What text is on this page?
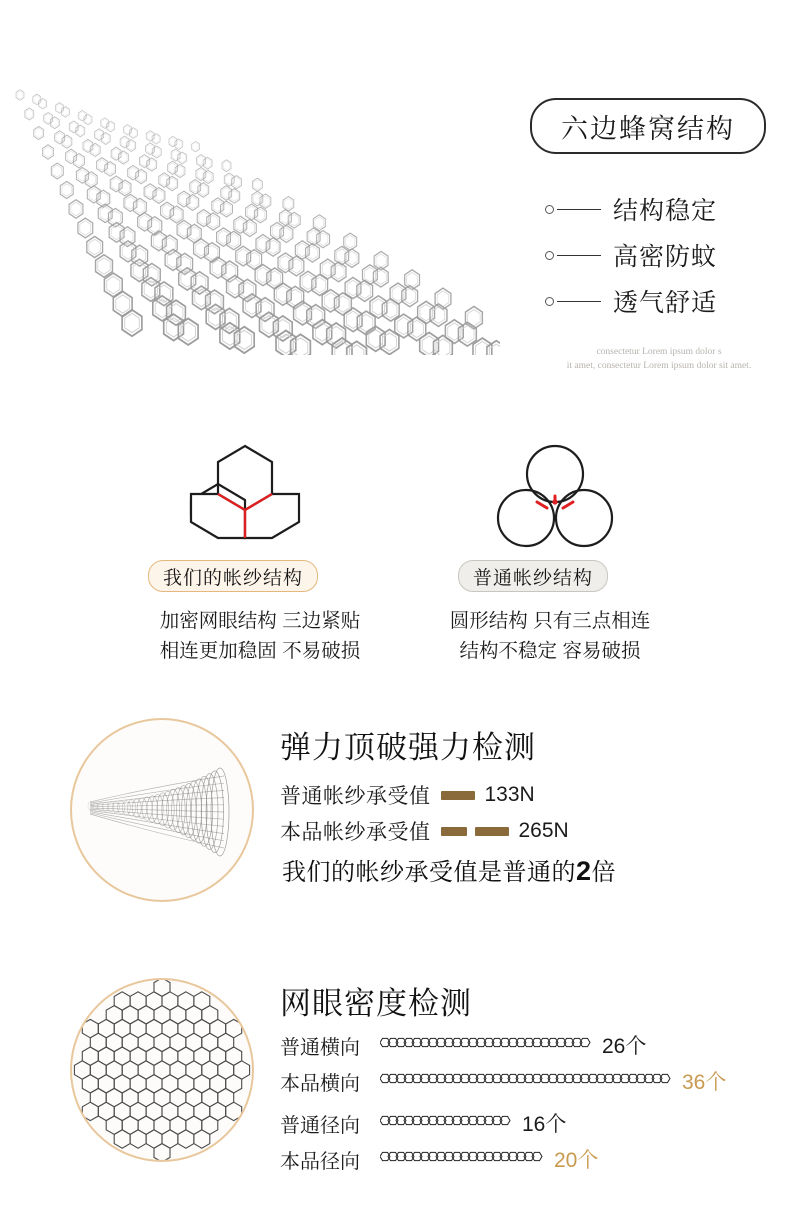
六边蜂窝结构
结构稳定
高密防蚊
透气舒适
consectetur Lorem ipsum dolor s
it amet, consectetur Lorem ipsum dolor sit amet.
我们的帐纱结构	普通帐纱结构
加密网眼结构 三边紧贴
相连更加稳固 不易破损
圆形结构 只有三点相连
结构不稳定 容易破损
弹力顶破强力检测
普通帐纱承受值	133N
本品帐纱承受值	265N
我们的帐纱承受值是普通的2倍
网眼密度检测
普通横向	26个
本品横向	36个
普通径向	16个
本品径向	20个
